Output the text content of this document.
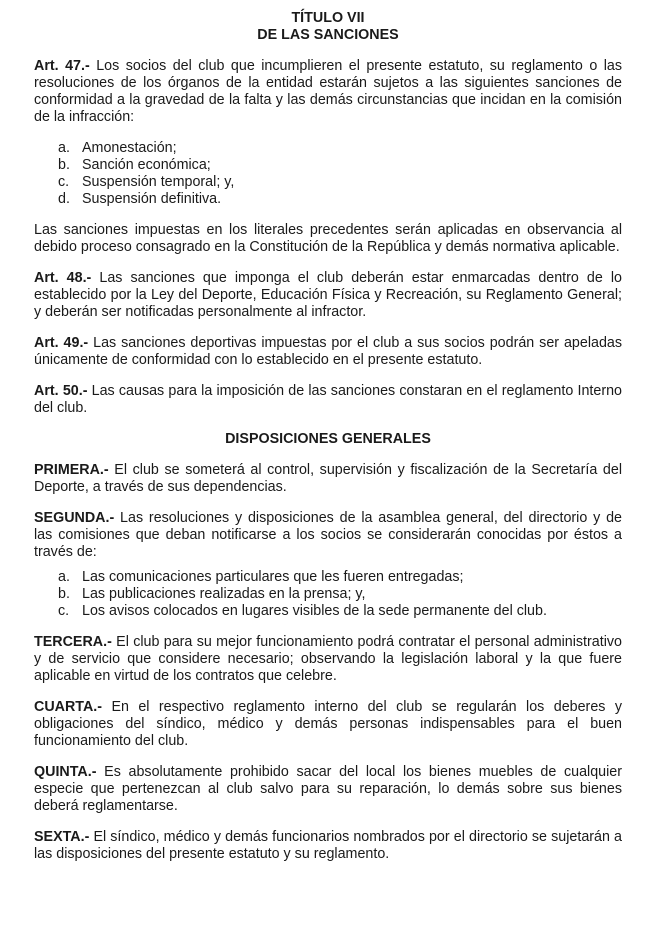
TÍTULO VII
DE LAS SANCIONES

Art. 47.- Los socios del club que incumplieren el presente estatuto, su reglamento o las resoluciones de los órganos de la entidad estarán sujetos a las siguientes sanciones de conformidad a la gravedad de la falta y las demás circunstancias que incidan en la comisión de la infracción:

a. Amonestación;
b. Sanción económica;
c. Suspensión temporal; y,
d. Suspensión definitiva.

Las sanciones impuestas en los literales precedentes serán aplicadas en observancia al debido proceso consagrado en la Constitución de la República y demás normativa aplicable.

Art. 48.- Las sanciones que imponga el club deberán estar enmarcadas dentro de lo establecido por la Ley del Deporte, Educación Física y Recreación, su Reglamento General; y deberán ser notificadas personalmente al infractor.

Art. 49.- Las sanciones deportivas impuestas por el club a sus socios podrán ser apeladas únicamente de conformidad con lo establecido en el presente estatuto.

Art. 50.- Las causas para la imposición de las sanciones constaran en el reglamento Interno del club.

DISPOSICIONES GENERALES

PRIMERA.- El club se someterá al control, supervisión y fiscalización de la Secretaría del Deporte, a través de sus dependencias.

SEGUNDA.- Las resoluciones y disposiciones de la asamblea general, del directorio y de las comisiones que deban notificarse a los socios se considerarán conocidas por éstos a través de:

a. Las comunicaciones particulares que les fueren entregadas;
b. Las publicaciones realizadas en la prensa; y,
c. Los avisos colocados en lugares visibles de la sede permanente del club.

TERCERA.- El club para su mejor funcionamiento podrá contratar el personal administrativo y de servicio que considere necesario; observando la legislación laboral y la que fuere aplicable en virtud de los contratos que celebre.

CUARTA.- En el respectivo reglamento interno del club se regularán los deberes y obligaciones del síndico, médico y demás personas indispensables para el buen funcionamiento del club.

QUINTA.- Es absolutamente prohibido sacar del local los bienes muebles de cualquier especie que pertenezcan al club salvo para su reparación, lo demás sobre sus bienes deberá reglamentarse.

SEXTA.- El síndico, médico y demás funcionarios nombrados por el directorio se sujetarán a las disposiciones del presente estatuto y su reglamento.
